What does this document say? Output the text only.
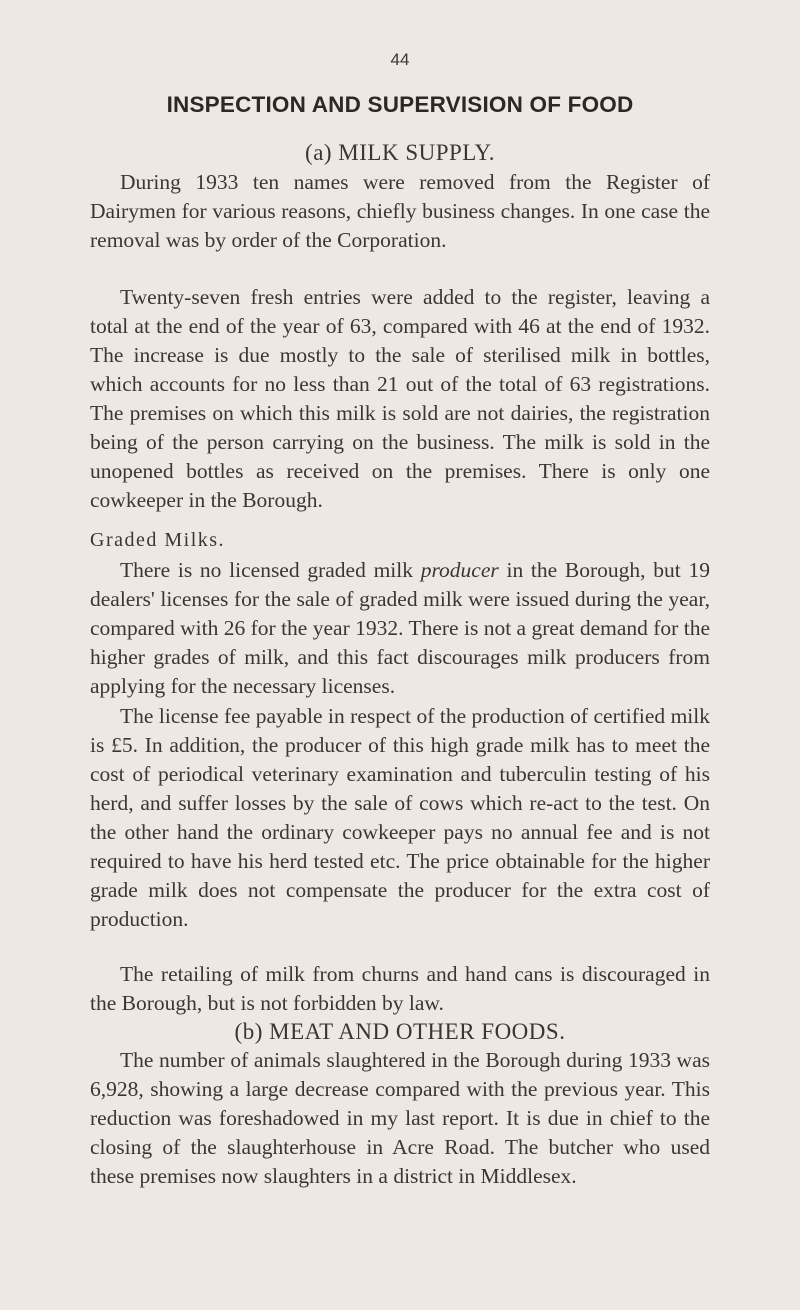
44
INSPECTION AND SUPERVISION OF FOOD
(a) MILK SUPPLY.

During 1933 ten names were removed from the Register of Dairymen for various reasons, chiefly business changes. In one case the removal was by order of the Corporation.

Twenty-seven fresh entries were added to the register, leaving a total at the end of the year of 63, compared with 46 at the end of 1932. The increase is due mostly to the sale of sterilised milk in bottles, which accounts for no less than 21 out of the total of 63 registrations. The premises on which this milk is sold are not dairies, the registration being of the person carrying on the business. The milk is sold in the unopened bottles as received on the premises. There is only one cowkeeper in the Borough.

Graded Milks.

There is no licensed graded milk producer in the Borough, but 19 dealers' licenses for the sale of graded milk were issued during the year, compared with 26 for the year 1932. There is not a great demand for the higher grades of milk, and this fact discourages milk producers from applying for the necessary licenses.

The license fee payable in respect of the production of certified milk is £5. In addition, the producer of this high grade milk has to meet the cost of periodical veterinary examination and tuberculin testing of his herd, and suffer losses by the sale of cows which re-act to the test. On the other hand the ordinary cowkeeper pays no annual fee and is not required to have his herd tested etc. The price obtainable for the higher grade milk does not compensate the producer for the extra cost of production.

The retailing of milk from churns and hand cans is discouraged in the Borough, but is not forbidden by law.

(b) MEAT AND OTHER FOODS.

The number of animals slaughtered in the Borough during 1933 was 6,928, showing a large decrease compared with the previous year. This reduction was foreshadowed in my last report. It is due in chief to the closing of the slaughterhouse in Acre Road. The butcher who used these premises now slaughters in a district in Middlesex.
